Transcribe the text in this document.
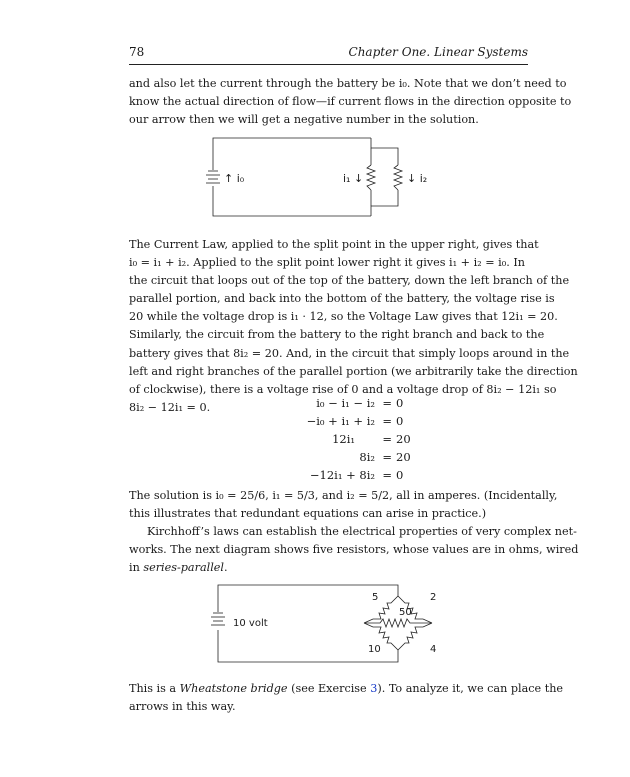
78	Chapter One. Linear Systems

and also let the current through the battery be i₀. Note that we don’t need to
know the actual direction of flow—if current flows in the direction opposite to
our arrow then we will get a negative number in the solution.

↑ i₀	i₁ ↓	↓ i₂

The Current Law, applied to the split point in the upper right, gives that
i₀ = i₁ + i₂. Applied to the split point lower right it gives i₁ + i₂ = i₀. In
the circuit that loops out of the top of the battery, down the left branch of the
parallel portion, and back into the bottom of the battery, the voltage rise is
20 while the voltage drop is i₁ · 12, so the Voltage Law gives that 12i₁ = 20.
Similarly, the circuit from the battery to the right branch and back to the
battery gives that 8i₂ = 20. And, in the circuit that simply loops around in the
left and right branches of the parallel portion (we arbitrarily take the direction
of clockwise), there is a voltage rise of 0 and a voltage drop of 8i₂ − 12i₁ so
8i₂ − 12i₁ = 0.	i₀ − i₁ − i₂ = 0
−i₀ + i₁ + i₂ = 0
12i₁ = 20
8i₂ = 20
−12i₁ + 8i₂ = 0

The solution is i₀ = 25/6, i₁ = 5/3, and i₂ = 5/2, all in amperes. (Incidentally,
this illustrates that redundant equations can arise in practice.)

Kirchhoff’s laws can establish the electrical properties of very complex net-
works. The next diagram shows five resistors, whose values are in ohms, wired
in series-parallel.

10 volt
5	2
50
10	4

This is a Wheatstone bridge (see Exercise 3). To analyze it, we can place the
arrows in this way.
